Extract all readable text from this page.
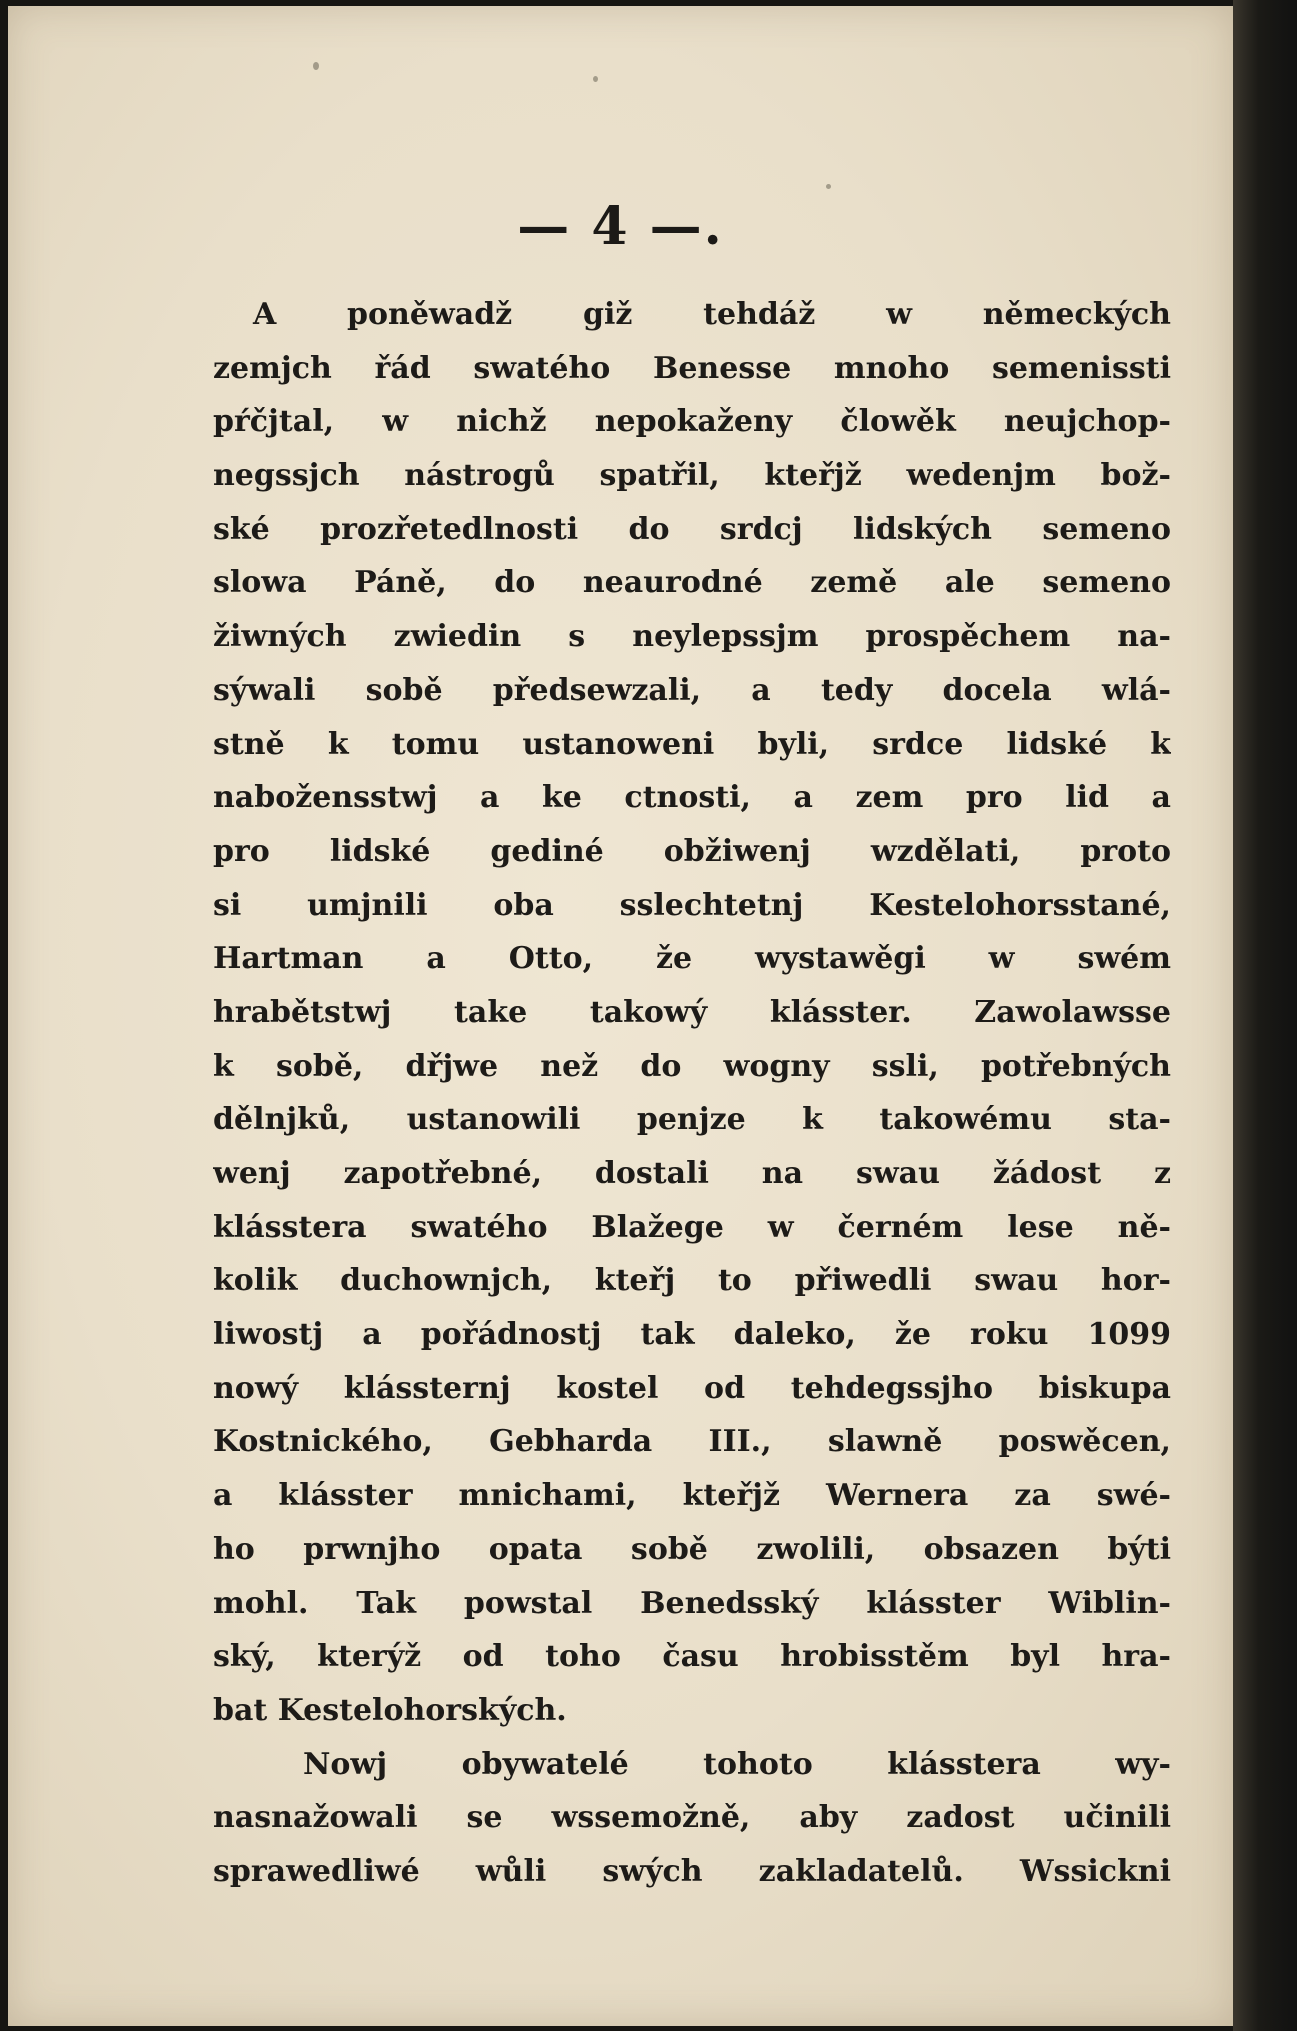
— 4 —.
A poněwadž giž tehdáž w německých
zemjch řád swatého Benesse mnoho semenissti
pŕčjtal, w nichž nepokaženy člowěk neujchop-
negssjch nástrogů spatřil, kteřjž wedenjm bož-
ské prozřetedlnosti do srdcj lidských semeno
slowa Páně, do neaurodné země ale semeno
žiwných zwiedin s neylepssjm prospěchem na-
sýwali sobě předsewzali, a tedy docela wlá-
stně k tomu ustanoweni byli, srdce lidské k
nabožensstwj a ke ctnosti, a zem pro lid a
pro lidské gediné obžiwenj wzdělati, proto
si umjnili oba sslechtetnj Kestelohorsstané,
Hartman a Otto, že wystawěgi w swém
hrabětstwj take takowý klásster. Zawolawsse
k sobě, dřjwe než do wogny ssli, potřebných
dělnjků, ustanowili penjze k takowému sta-
wenj zapotřebné, dostali na swau žádost z
klásstera swatého Blažege w černém lese ně-
kolik duchownjch, kteřj to přiwedli swau hor-
liwostj a pořádnostj tak daleko, že roku 1099
nowý klássternj kostel od tehdegssjho biskupa
Kostnického, Gebharda III., slawně poswěcen,
a klásster mnichami, kteřjž Wernera za swé-
ho prwnjho opata sobě zwolili, obsazen býti
mohl. Tak powstal Benedsský klásster Wiblin-
ský, kterýž od toho času hrobisstěm byl hra-
bat Kestelohorských.
Nowj obywatelé tohoto klásstera wy-
nasnažowali se wssemožně, aby zadost učinili
sprawedliwé wůli swých zakladatelů. Wssickni
